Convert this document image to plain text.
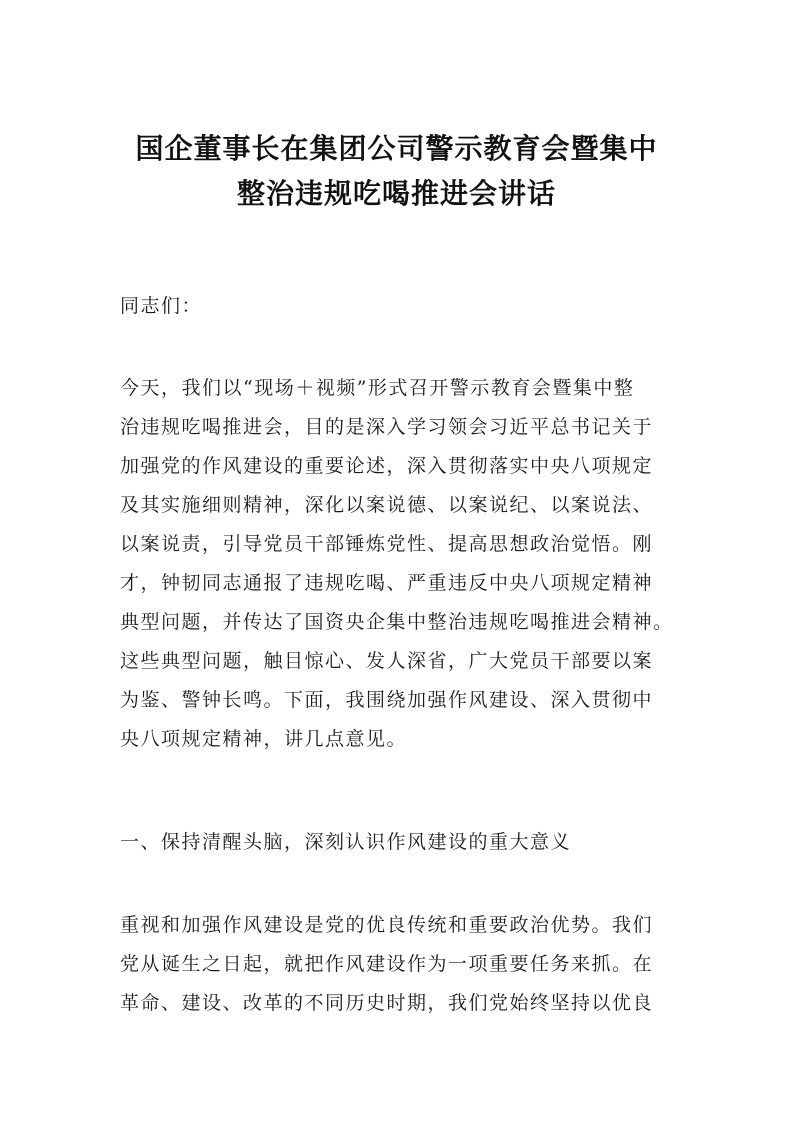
国企董事长在集团公司警示教育会暨集中
整治违规吃喝推进会讲话
同志们：
今天，我们以“现场＋视频”形式召开警示教育会暨集中整
治违规吃喝推进会，目的是深入学习领会习近平总书记关于
加强党的作风建设的重要论述，深入贯彻落实中央八项规定
及其实施细则精神，深化以案说德、以案说纪、以案说法、
以案说责，引导党员干部锤炼党性、提高思想政治觉悟。刚
才，钟韧同志通报了违规吃喝、严重违反中央八项规定精神
典型问题，并传达了国资央企集中整治违规吃喝推进会精神。
这些典型问题，触目惊心、发人深省，广大党员干部要以案
为鉴、警钟长鸣。下面，我围绕加强作风建设、深入贯彻中
央八项规定精神，讲几点意见。
一、保持清醒头脑，深刻认识作风建设的重大意义
重视和加强作风建设是党的优良传统和重要政治优势。我们
党从诞生之日起，就把作风建设作为一项重要任务来抓。在
革命、建设、改革的不同历史时期，我们党始终坚持以优良
